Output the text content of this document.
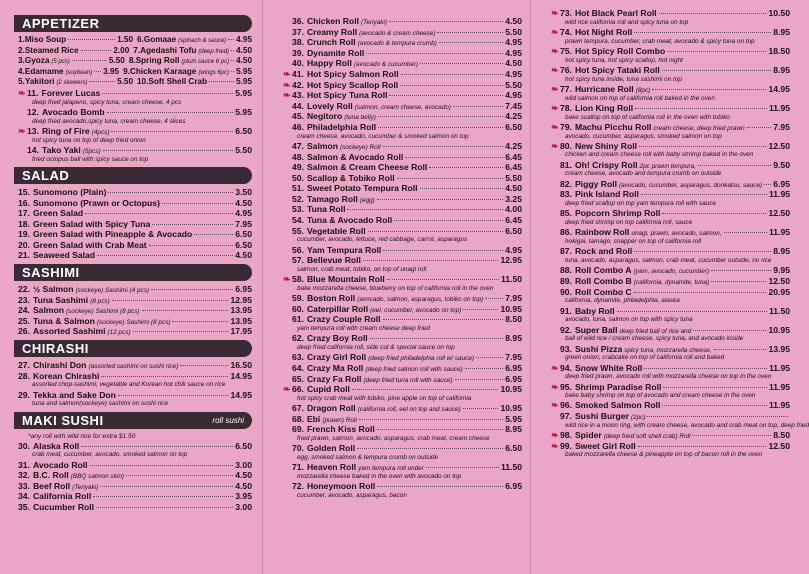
APPETIZER
1. Miso Soup	1.50 6. Gomaae (spinach & sauce) 4.95
2. Steamed Rice	2.00 7. Agedashi Tofu (deep fried) 4.50
3. Gyoza (5 pcs)	5.50 8. Spring Roll (plum sauce 6 pc) 4.50
4. Edamame (soybean) 3.95 9. Chicken Karaage (wings 6pc) 5.95
5. Yakitori (2 skewers)	5.50 10. Soft Shell Crab	5.95
❧ 11. Forever Lucas	5.95
deep fried jalapeno, spicy tuna, cream cheese, 4 pcs
12. Avocado Bomb	5.95
deep fried avocado,spicy tuna, cream cheese, 4 slices
❧ 13. Ring of Fire (4pcs)	6.50
hot spicy tuna on top of deep fried onion
14. Tako Yaki (5pcs)	5.50
fried octopus ball with spicy sauce on top
SALAD
15. Sunomono (Plain)	3.50
16. Sunomono (Prawn or Octopus)	4.50
17. Green Salad	4.95
18. Green Salad with Spicy Tuna	7.95
19. Green Salad with Pineapple & Avocado	6.50
20. Green Salad with Crab Meat	6.50
21. Seaweed Salad	4.50
SASHIMI
22. ½ Salmon (sockeye) Sashimi (4 pcs)	6.95
23. Tuna Sashimi (8 pcs)	12.95
24. Salmon (sockeye) Sashimi (8 pcs)	13.95
25. Tuna & Salmon (sockeye) Sashimi (8 pcs)	13.95
26. Assorted Sashimi (12 pcs)	17.95
CHIRASHI
27. Chirashi Don (assorted sashimi on sushi rice)	16.50
28. Korean Chirashi	14.95
assorted chop-sashimi, vegetable and Korean hot chili sauce on rice
29. Tekka and Sake Don	14.95
tuna and salmon(sockeye) sashimi on sushi rice
MAKI SUSHI	roll sushi
*any roll with wild rice for extra $1.50
30. Alaska Roll	6.50
crab meat, cucumber, avocado, smoked salmon on top
31. Avocado Roll	3.00
32. B.C. Roll (BBQ salmon skin)	4.50
33. Beef Roll (Teriyaki)	4.50
34. California Roll	3.95
35. Cucumber Roll	3.00
36. Chicken Roll (Teriyaki)	4.50
37. Creamy Roll (avocado & cream cheese)	5.50
38. Crunch Roll (avocado & tempura crumb)	4.95
39. Dynamite Roll	4.95
40. Happy Roll (avocado & cucumber)	4.50
❧ 41. Hot Spicy Salmon Roll	4.95
❧ 42. Hot Spicy Scallop Roll	5.50
❧ 43. Hot Spicy Tuna Roll	4.95
44. Lovely Roll (salmon, cream cheese, avocado)	7.45
45. Negitoro (tuna belly)	4.25
46. Philadelphia Roll	6.50
cream cheese, avocado, cucumber & smoked salmon on top
47. Salmon (sockeye) Roll	4.25
48. Salmon & Avocado Roll	6.45
49. Salmon & Cream Cheese Roll	6.45
50. Scallop & Tobiko Roll	5.50
51. Sweet Potato Tempura Roll	4.50
52. Tamago Roll (egg)	3.25
53. Tuna Roll	4.00
54. Tuna & Avocado Roll	6.45
55. Vegetable Roll	6.50
cucumber, avocado, lettuce, red cabbage, carrot, asparagus
56. Yam Tempura Roll	4.95
57. Bellevue Roll	12.95
salmon, crab meat, tobiko, on top of unagi roll
❧ 58. Blue Mountain Roll	11.50
bake mozzarella cheese, blueberry on top of california roll in the oven
59. Boston Roll (avocado, salmon, asparagus, tobiko on top)	7.95
60. Caterpillar Roll (eel, cucumber, avocado on top)	10.95
61. Crazy Couple Roll	8.50
yam tempura roll with cream cheese deep fried
62. Crazy Boy Roll	8.95
deep fried california roll, side cut & special sauce on top
63. Crazy Girl Roll (deep fried philadelphia roll w/ sauce)	7.95
64. Crazy Ma Roll (deep fried salmon roll with sauce)	6.95
65. Crazy Fa Roll (deep fried tuna roll with sauce)	6.95
❧ 66. Cupid Roll	10.95
hot spicy crab meat with tobiko, pine apple on top of california
67. Dragon Roll (california roll, eel on top and sauce)	10.95
68. Ebi (prawn) Roll	5.95
69. French Kiss Roll	8.95
fried prawn, salmon, avocado, asparagus, crab meat, cream cheese
70. Golden Roll	6.50
egg, smoked salmon & tempura crumb on outside
71. Heaven Roll yam tempura roll under	11.50
mozzarella cheese baked in the oven with avocado on top
72. Honeymoon Roll	6.95
cucumber, avocado, asparagus, bacon
❧ 73. Hot Black Pearl Roll	10.50
wild rice california roll and spicy tuna on top
❧ 74. Hot Night Roll	8.95
prawn tempura, cucumber, crab meat, avocado & spicy tuna on top
❧ 75. Hot Spicy Roll Combo	18.50
hot spicy tuna, hot spicy scallop, hot night
❧ 76. Hot Spicy Tataki Roll	8.95
hot spicy tuna inside, tuna sashimi on top
❧ 77. Hurricane Roll (8pc)	14.95
wild salmon on top of california roll baked in the oven
❧ 78. Lion King Roll	11.95
bake scallop on top of california roll in the oven with tobiko
❧ 79. Machu Picchu Roll cream cheese, deep fried prawn	7.95
avocado, cucumber, asparagus, smoked salmon on top
❧ 80. New Shiny Roll	12.50
chicken and cream cheese roll with baby shrimp baked in the oven
81. Oh! Crispy Roll 2pc prawn tempura,	9.50
cream cheese, avocado and tempura crumb on outside
82. Piggy Roll (avocado, cucumber, asparagus, donkatsu, sauce) 6.95
83. Pink Island Roll	11.95
deep fried scallop on top yam tempura roll with sauce
85. Popcorn Shrimp Roll	12.50
deep fried shrimp on top california roll, sauce
86. Rainbow Roll unagi, prawn, avocado, salmon,	11.95
hokigai, tamago, snapper on top of california roll
87. Rock and Roll	8.95
tuna, avocado, asparagus, salmon, crab meat, cucumber outside, no rice
88. Roll Combo A (yam, avocado, cucumber)	9.95
89. Roll Combo B (california, dynamite, tuna)	12.50
90. Roll Combo C	20.95
california, dynamite, philadelphia, alaska
91. Baby Roll	11.50
avocado, tuna, salmon on top with spicy tuna
92. Super Ball deep fried ball of rice and	10.95
ball of wild rice / cream cheese, spicy tuna, and avocado inside
93. Sushi Pizza spicy tuna, mozzarella cheese,	13.95
green onion, crabcake on top of california roll and baked
❧ 94. Snow White Roll	11.95
deep fried prawn, avocado roll with mozzarella cheese on top in the oven
❧ 95. Shrimp Paradise Roll	11.95
bake baby shrimp on top of avocado and cream cheese in the oven
❧ 96. Smoked Salmon Roll	11.95
97. Sushi Burger (2pc)
wild rice in a moon ring, with cream cheese, avocado and crab meat on top, deep fried
❧ 98. Spider (deep fried soft shell crab) Roll	8.50
❧ 99. Sweet Girl Roll	12.50
baked mozzarella cheese & pineapple on top of bacon roll in the oven
